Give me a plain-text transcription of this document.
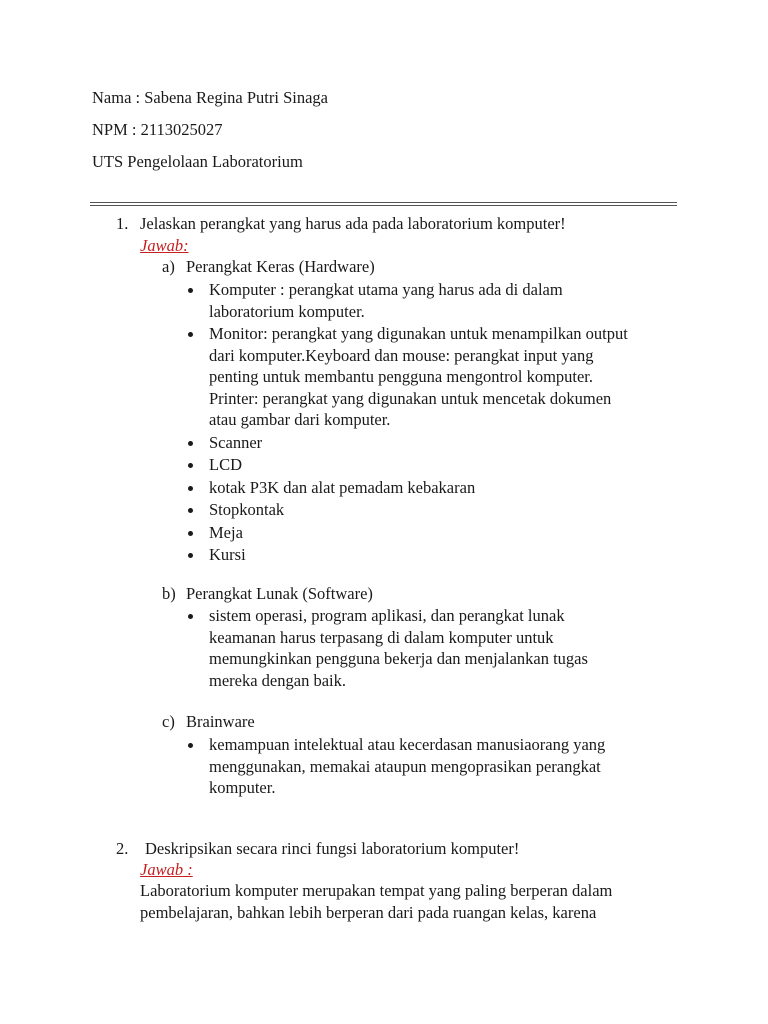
Nama : Sabena Regina Putri Sinaga
NPM : 2113025027
UTS Pengelolaan Laboratorium
1. Jelaskan perangkat yang harus ada pada laboratorium komputer!
Jawab:
a) Perangkat Keras (Hardware)
Komputer : perangkat utama yang harus ada di dalam
laboratorium komputer.
Monitor: perangkat yang digunakan untuk menampilkan output
dari komputer.Keyboard dan mouse: perangkat input yang
penting untuk membantu pengguna mengontrol komputer.
Printer: perangkat yang digunakan untuk mencetak dokumen
atau gambar dari komputer.
Scanner
LCD
kotak P3K dan alat pemadam kebakaran
Stopkontak
Meja
Kursi
b) Perangkat Lunak (Software)
sistem operasi, program aplikasi, dan perangkat lunak
keamanan harus terpasang di dalam komputer untuk
memungkinkan pengguna bekerja dan menjalankan tugas
mereka dengan baik.
c) Brainware
kemampuan intelektual atau kecerdasan manusiaorang yang
menggunakan, memakai ataupun mengoprasikan perangkat
komputer.
2. Deskripsikan secara rinci fungsi laboratorium komputer!
Jawab :
Laboratorium komputer merupakan tempat yang paling berperan dalam
pembelajaran, bahkan lebih berperan dari pada ruangan kelas, karena
